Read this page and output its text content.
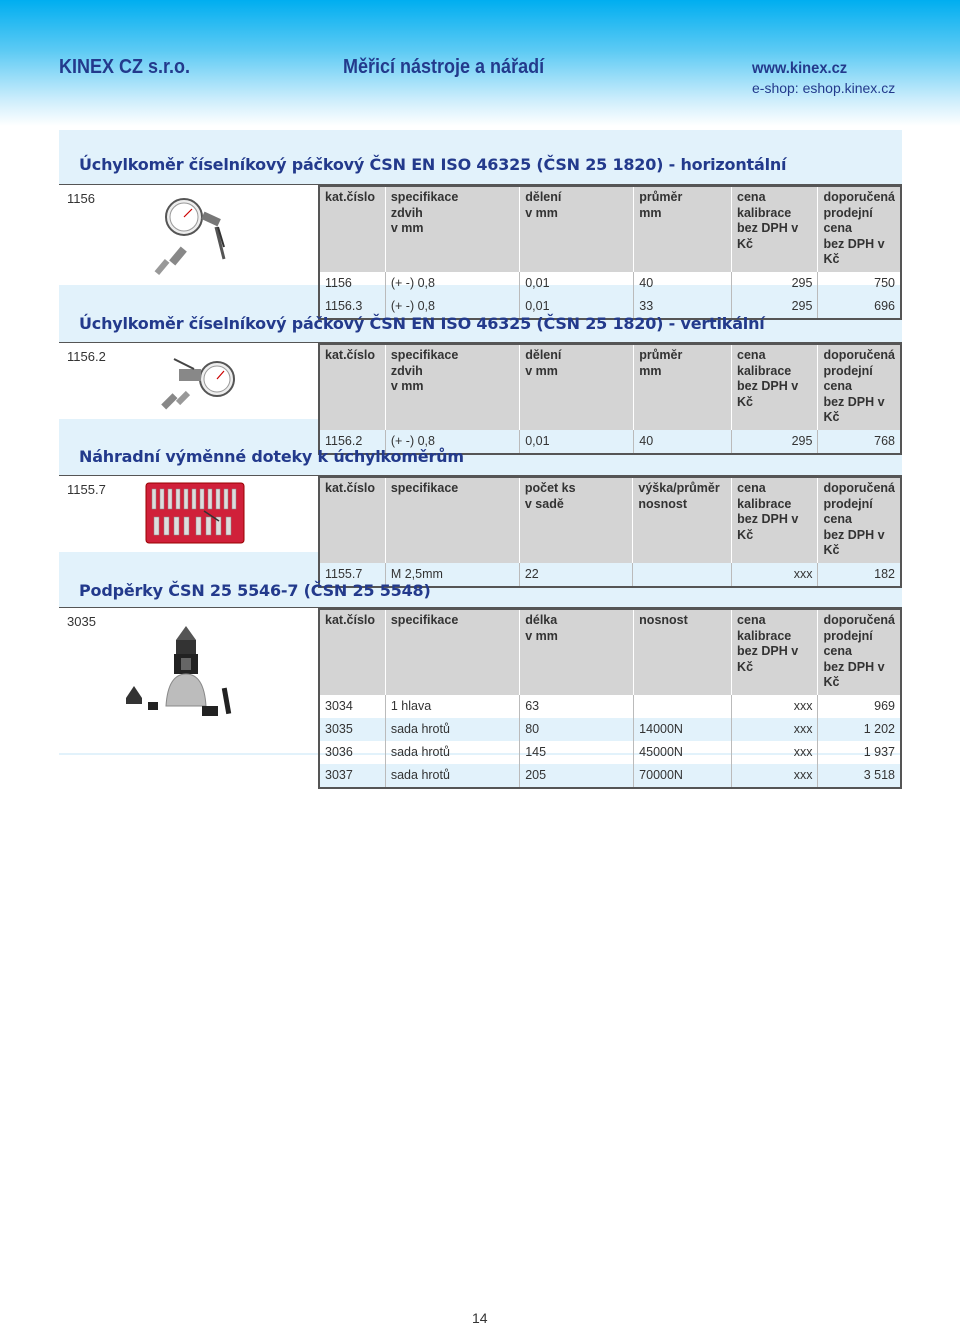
KINEX CZ s.r.o.	Měřicí nástroje a nářadí	www.kinex.cz
e-shop: eshop.kinex.cz
Úchylkoměr číselníkový páčkový ČSN EN ISO 46325 (ČSN 25 1820) - horizontální
1156	kat.číslo	specifikace
zdvih
v mm	dělení
v mm	průměr
mm	cena
kalibrace
bez DPH v Kč	doporučená
prodejní cena
bez DPH v Kč
1156	(+ -) 0,8	0,01	40	295	750
1156.3	(+ -) 0,8	0,01	33	295	696
Úchylkoměr číselníkový páčkový ČSN EN ISO 46325 (ČSN 25 1820) - vertikální
1156.2	kat.číslo	specifikace
zdvih
v mm	dělení
v mm	průměr
mm	cena
kalibrace
bez DPH v Kč	doporučená
prodejní cena
bez DPH v Kč
1156.2	(+ -) 0,8	0,01	40	295	768
Náhradní výměnné doteky k úchylkoměrům
1155.7	kat.číslo	specifikace	počet ks
v sadě	výška/průměr
nosnost	cena
kalibrace
bez DPH v Kč	doporučená
prodejní cena
bez DPH v Kč
1155.7	M 2,5mm	22		xxx	182
Podpěrky ČSN 25 5546-7 (ČSN 25 5548)
3035	kat.číslo	specifikace	délka
v mm	nosnost	cena
kalibrace
bez DPH v Kč	doporučená
prodejní cena
bez DPH v Kč
3034	1 hlava	63		xxx	969
3035	sada hrotů	80	14000N	xxx	1 202
3036	sada hrotů	145	45000N	xxx	1 937
3037	sada hrotů	205	70000N	xxx	3 518
14
